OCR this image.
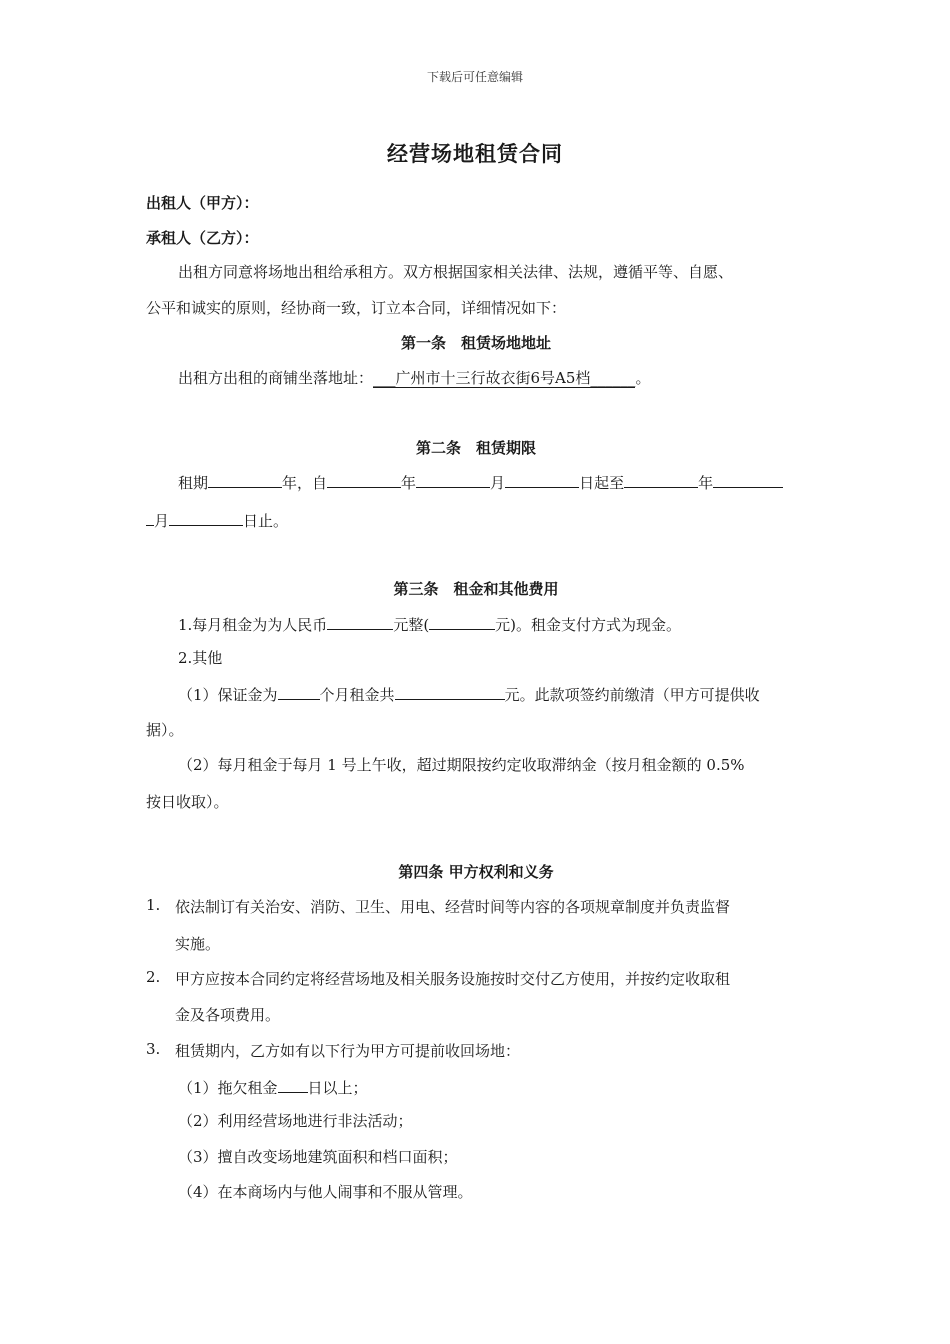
下载后可任意编辑
经营场地租赁合同
出租人（甲方）：
承租人（乙方）：
出租方同意将场地出租给承租方。双方根据国家相关法律、法规，遵循平等、自愿、
公平和诚实的原则，经协商一致，订立本合同，详细情况如下：
第一条　租赁场地地址
出租方出租的商铺坐落地址：___广州市十三行故衣街6号A5档______。
第二条　租赁期限
租期	年，自	年	月	日起至	年
月	日止。
第三条　租金和其他费用
1.每月租金为为人民币	元整(	元)。租金支付方式为现金。
2.其他
（1）保证金为	个月租金共	元。此款项签约前缴清（甲方可提供收
据）。
（2）每月租金于每月 1 号上午收，超过期限按约定收取滞纳金（按月租金额的 0.5%
按日收取）。
第四条 甲方权利和义务
1. 依法制订有关治安、消防、卫生、用电、经营时间等内容的各项规章制度并负责监督
实施。
2. 甲方应按本合同约定将经营场地及相关服务设施按时交付乙方使用，并按约定收取租
金及各项费用。
3. 租赁期内，乙方如有以下行为甲方可提前收回场地：
（1）拖欠租金 日以上；
（2）利用经营场地进行非法活动；
（3）擅自改变场地建筑面积和档口面积；
（4）在本商场内与他人闹事和不服从管理。
